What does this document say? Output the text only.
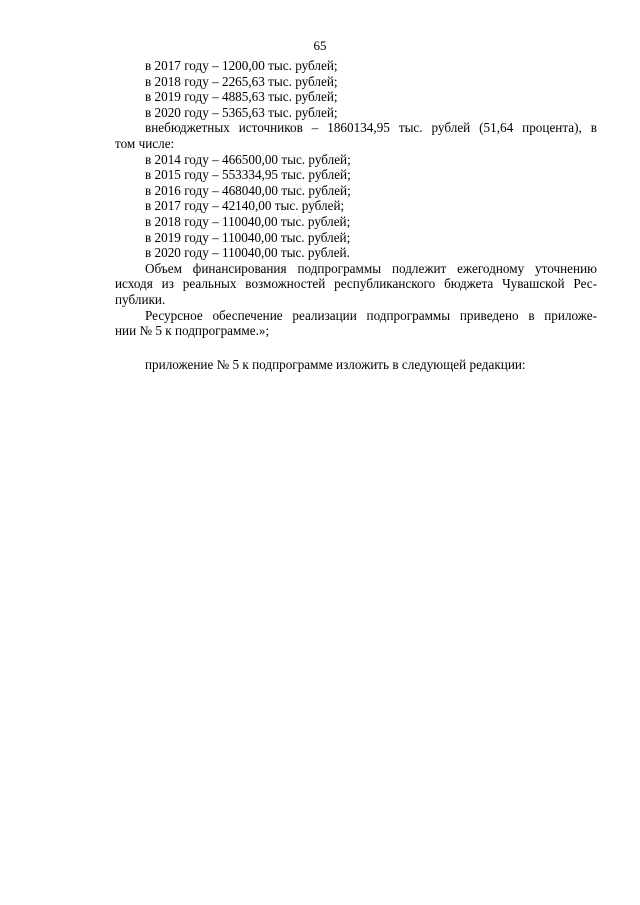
65
в 2017 году – 1200,00 тыс. рублей;
в 2018 году – 2265,63 тыс. рублей;
в 2019 году – 4885,63 тыс. рублей;
в 2020 году – 5365,63 тыс. рублей;
внебюджетных источников – 1860134,95 тыс. рублей (51,64 процента), в
том числе:
в 2014 году – 466500,00 тыс. рублей;
в 2015 году – 553334,95 тыс. рублей;
в 2016 году – 468040,00 тыс. рублей;
в 2017 году – 42140,00 тыс. рублей;
в 2018 году – 110040,00 тыс. рублей;
в 2019 году – 110040,00 тыс. рублей;
в 2020 году – 110040,00 тыс. рублей.
Объем финансирования подпрограммы подлежит ежегодному уточнению
исходя из реальных возможностей республиканского бюджета Чувашской Рес-
публики.
Ресурсное обеспечение реализации подпрограммы приведено в приложе-
нии № 5 к подпрограмме.»;
приложение № 5 к подпрограмме изложить в следующей редакции:
